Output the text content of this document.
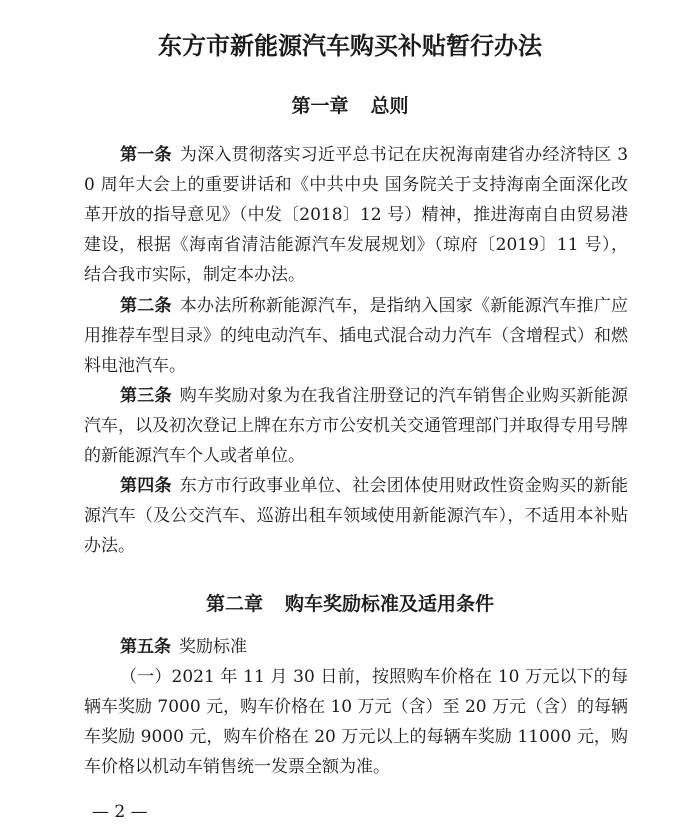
东方市新能源汽车购买补贴暂行办法
第一章 总则

第一条 为深入贯彻落实习近平总书记在庆祝海南建省办经济特区 30 周年大会上的重要讲话和《中共中央 国务院关于支持海南全面深化改革开放的指导意见》（中发〔2018〕12 号）精神，推进海南自由贸易港建设，根据《海南省清洁能源汽车发展规划》（琼府〔2019〕11 号），结合我市实际，制定本办法。

第二条 本办法所称新能源汽车，是指纳入国家《新能源汽车推广应用推荐车型目录》的纯电动汽车、插电式混合动力汽车（含增程式）和燃料电池汽车。

第三条 购车奖励对象为在我省注册登记的汽车销售企业购买新能源汽车，以及初次登记上牌在东方市公安机关交通管理部门并取得专用号牌的新能源汽车个人或者单位。

第四条 东方市行政事业单位、社会团体使用财政性资金购买的新能源汽车（及公交汽车、巡游出租车领域使用新能源汽车），不适用本补贴办法。

第二章 购车奖励标准及适用条件

第五条 奖励标准

（一）2021 年 11 月 30 日前，按照购车价格在 10 万元以下的每辆车奖励 7000 元，购车价格在 10 万元（含）至 20 万元（含）的每辆车奖励 9000 元，购车价格在 20 万元以上的每辆车奖励 11000 元，购车价格以机动车销售统一发票全额为准。

— 2 —
